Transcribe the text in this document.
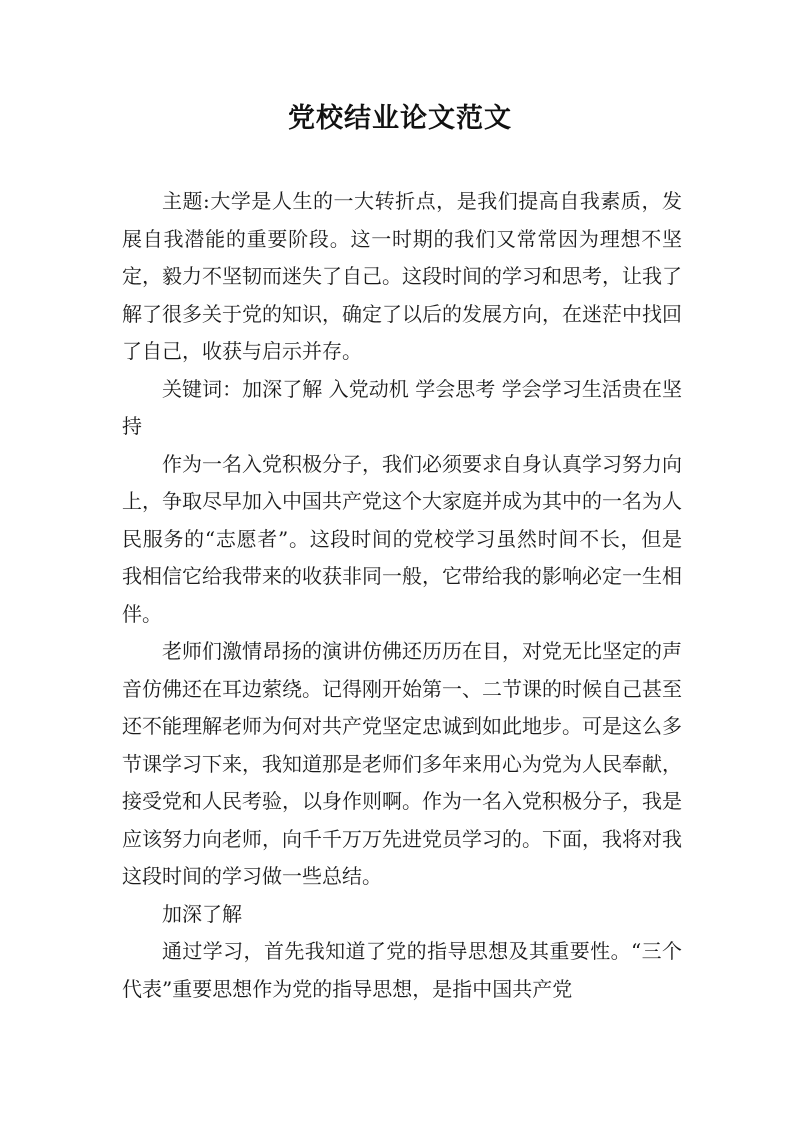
党校结业论文范文

主题:大学是人生的一大转折点，是我们提高自我素质，发展自我潜能的重要阶段。这一时期的我们又常常因为理想不坚定，毅力不坚韧而迷失了自己。这段时间的学习和思考，让我了解了很多关于党的知识，确定了以后的发展方向，在迷茫中找回了自己，收获与启示并存。

关键词：加深了解 入党动机 学会思考 学会学习生活贵在坚持

作为一名入党积极分子，我们必须要求自身认真学习努力向上，争取尽早加入中国共产党这个大家庭并成为其中的一名为人民服务的“志愿者”。这段时间的党校学习虽然时间不长，但是我相信它给我带来的收获非同一般，它带给我的影响必定一生相伴。

老师们激情昂扬的演讲仿佛还历历在目，对党无比坚定的声音仿佛还在耳边萦绕。记得刚开始第一、二节课的时候自己甚至还不能理解老师为何对共产党坚定忠诚到如此地步。可是这么多节课学习下来，我知道那是老师们多年来用心为党为人民奉献，接受党和人民考验，以身作则啊。作为一名入党积极分子，我是应该努力向老师，向千千万万先进党员学习的。下面，我将对我这段时间的学习做一些总结。

加深了解

通过学习，首先我知道了党的指导思想及其重要性。“三个代表”重要思想作为党的指导思想，是指中国共产党
